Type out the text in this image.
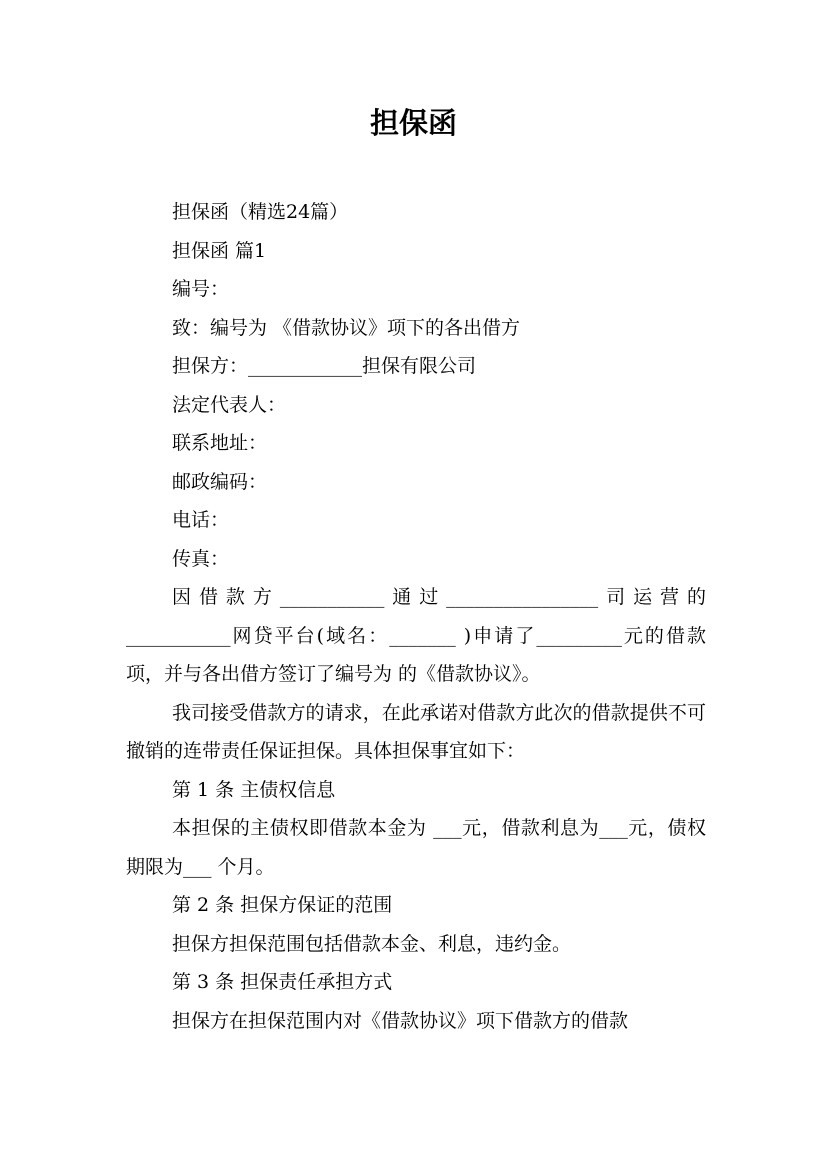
担保函

担保函（精选24篇）

担保函 篇1

编号：

致：编号为 《借款协议》项下的各出借方

担保方：____________担保有限公司

法定代表人：

联系地址：

邮政编码：

电话：

传真：

因借款方___________通过________________司运营的___________网贷平台(域名：_______ )申请了_________元的借款项，并与各出借方签订了编号为 的《借款协议》。

我司接受借款方的请求，在此承诺对借款方此次的借款提供不可撤销的连带责任保证担保。具体担保事宜如下：

第 1 条 主债权信息

本担保的主债权即借款本金为 ___元，借款利息为___元，债权期限为___ 个月。

第 2 条 担保方保证的范围

担保方担保范围包括借款本金、利息，违约金。

第 3 条 担保责任承担方式

担保方在担保范围内对《借款协议》项下借款方的借款
